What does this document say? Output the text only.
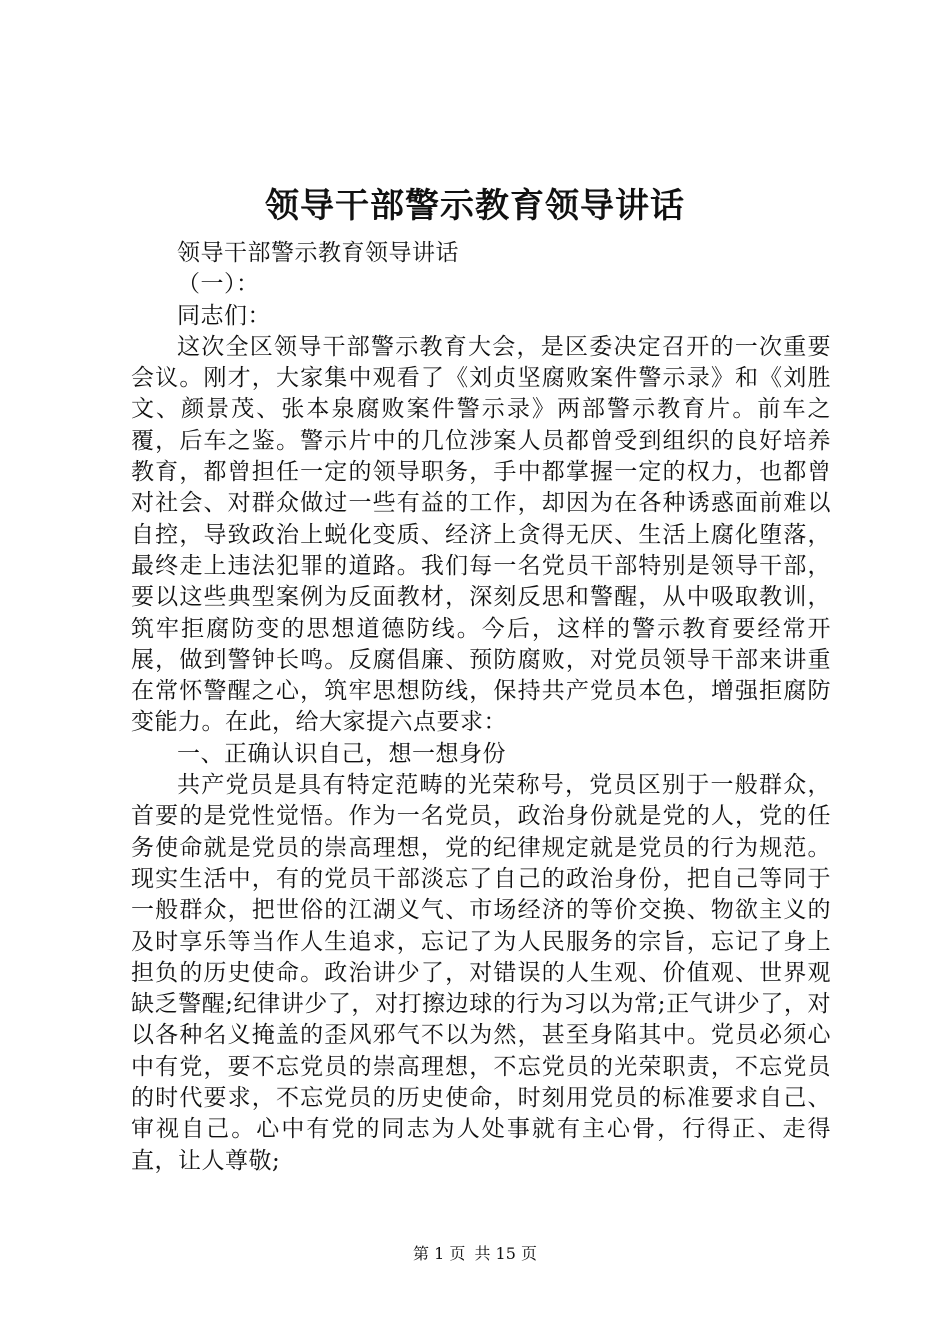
领导干部警示教育领导讲话

领导干部警示教育领导讲话

（一）：

同志们：

这次全区领导干部警示教育大会，是区委决定召开的一次重要会议。刚才，大家集中观看了《刘贞坚腐败案件警示录》和《刘胜文、颜景茂、张本泉腐败案件警示录》两部警示教育片。前车之覆，后车之鉴。警示片中的几位涉案人员都曾受到组织的良好培养教育，都曾担任一定的领导职务，手中都掌握一定的权力，也都曾对社会、对群众做过一些有益的工作，却因为在各种诱惑面前难以自控，导致政治上蜕化变质、经济上贪得无厌、生活上腐化堕落，最终走上违法犯罪的道路。我们每一名党员干部特别是领导干部，要以这些典型案例为反面教材，深刻反思和警醒，从中吸取教训，筑牢拒腐防变的思想道德防线。今后，这样的警示教育要经常开展，做到警钟长鸣。反腐倡廉、预防腐败，对党员领导干部来讲重在常怀警醒之心，筑牢思想防线，保持共产党员本色，增强拒腐防变能力。在此，给大家提六点要求：

一、正确认识自己，想一想身份

共产党员是具有特定范畴的光荣称号，党员区别于一般群众，首要的是党性觉悟。作为一名党员，政治身份就是党的人，党的任务使命就是党员的崇高理想，党的纪律规定就是党员的行为规范。现实生活中，有的党员干部淡忘了自己的政治身份，把自己等同于一般群众，把世俗的江湖义气、市场经济的等价交换、物欲主义的及时享乐等当作人生追求，忘记了为人民服务的宗旨，忘记了身上担负的历史使命。政治讲少了，对错误的人生观、价值观、世界观缺乏警醒;纪律讲少了，对打擦边球的行为习以为常;正气讲少了，对以各种名义掩盖的歪风邪气不以为然，甚至身陷其中。党员必须心中有党，要不忘党员的崇高理想，不忘党员的光荣职责，不忘党员的时代要求，不忘党员的历史使命，时刻用党员的标准要求自己、审视自己。心中有党的同志为人处事就有主心骨，行得正、走得直，让人尊敬;

第 1 页 共 15 页
